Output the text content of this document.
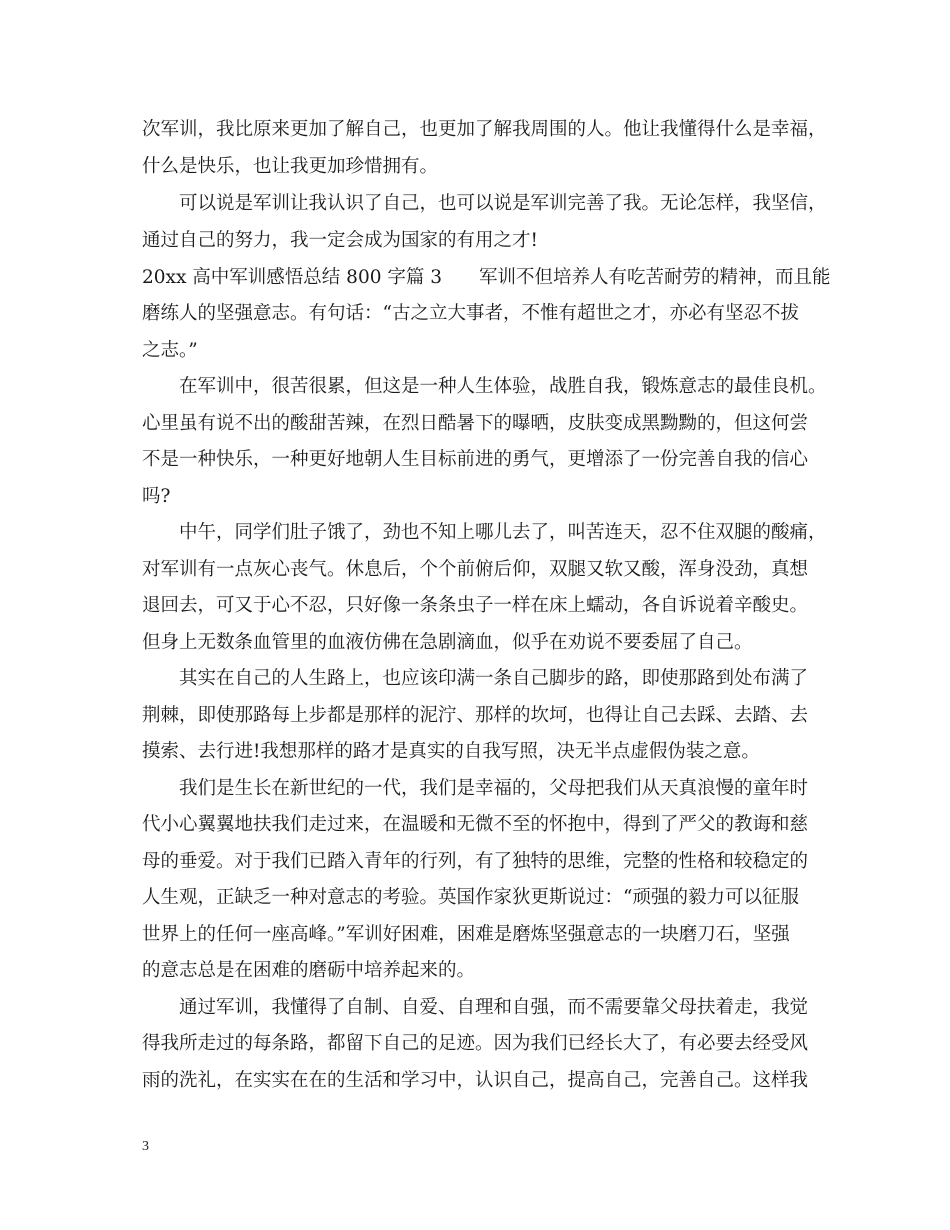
次军训，我比原来更加了解自己，也更加了解我周围的人。他让我懂得什么是幸福，
什么是快乐，也让我更加珍惜拥有。
可以说是军训让我认识了自己，也可以说是军训完善了我。无论怎样，我坚信，
通过自己的努力，我一定会成为国家的有用之才!
20xx 高中军训感悟总结 800 字篇 3　　军训不但培养人有吃苦耐劳的精神，而且能
磨练人的坚强意志。有句话：“古之立大事者，不惟有超世之才，亦必有坚忍不拔
之志。”
在军训中，很苦很累，但这是一种人生体验，战胜自我，锻炼意志的最佳良机。
心里虽有说不出的酸甜苦辣，在烈日酷暑下的曝晒，皮肤变成黑黝黝的，但这何尝
不是一种快乐，一种更好地朝人生目标前进的勇气，更增添了一份完善自我的信心
吗?
中午，同学们肚子饿了，劲也不知上哪儿去了，叫苦连天，忍不住双腿的酸痛，
对军训有一点灰心丧气。休息后，个个前俯后仰，双腿又软又酸，浑身没劲，真想
退回去，可又于心不忍，只好像一条条虫子一样在床上蠕动，各自诉说着辛酸史。
但身上无数条血管里的血液仿佛在急剧滴血，似乎在劝说不要委屈了自己。
其实在自己的人生路上，也应该印满一条自己脚步的路，即使那路到处布满了
荆棘，即使那路每上步都是那样的泥泞、那样的坎坷，也得让自己去踩、去踏、去
摸索、去行进!我想那样的路才是真实的自我写照，决无半点虚假伪装之意。
我们是生长在新世纪的一代，我们是幸福的，父母把我们从天真浪慢的童年时
代小心翼翼地扶我们走过来，在温暖和无微不至的怀抱中，得到了严父的教诲和慈
母的垂爱。对于我们已踏入青年的行列，有了独特的思维，完整的性格和较稳定的
人生观，正缺乏一种对意志的考验。英国作家狄更斯说过：“顽强的毅力可以征服
世界上的任何一座高峰。”军训好困难，困难是磨炼坚强意志的一块磨刀石，坚强
的意志总是在困难的磨砺中培养起来的。
通过军训，我懂得了自制、自爱、自理和自强，而不需要靠父母扶着走，我觉
得我所走过的每条路，都留下自己的足迹。因为我们已经长大了，有必要去经受风
雨的洗礼，在实实在在的生活和学习中，认识自己，提高自己，完善自己。这样我
3
